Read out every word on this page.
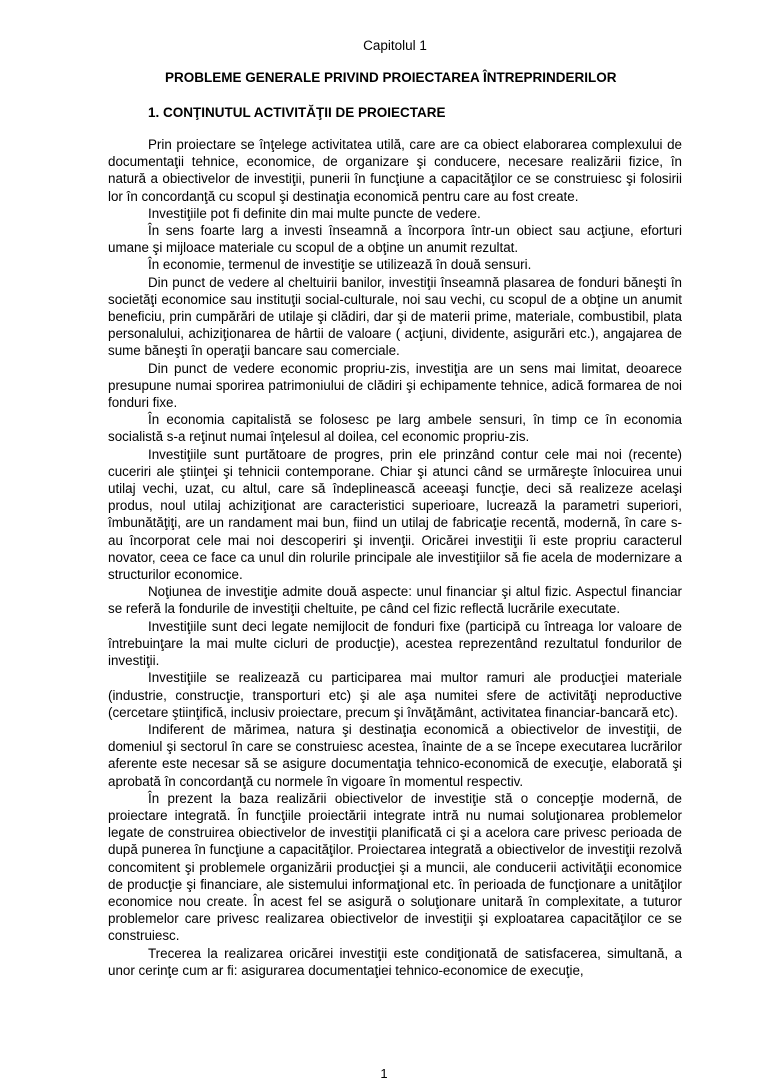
Capitolul 1
PROBLEME GENERALE PRIVIND PROIECTAREA ÎNTREPRINDERILOR
1. CONŢINUTUL ACTIVITĂŢII DE PROIECTARE

Prin proiectare se înţelege activitatea utilă, care are ca obiect elaborarea complexului de documentaţii tehnice, economice, de organizare şi conducere, necesare realizării fizice, în natură a obiectivelor de investiţii, punerii în funcţiune a capacităţilor ce se construiesc şi folosirii lor în concordanţă cu scopul şi destinaţia economică pentru care au fost create.

Investiţiile pot fi definite din mai multe puncte de vedere.

În sens foarte larg a investi înseamnă a încorpora într-un obiect sau acţiune, eforturi umane şi mijloace materiale cu scopul de a obţine un anumit rezultat.

În economie, termenul de investiţie se utilizează în două sensuri.

Din punct de vedere al cheltuirii banilor, investiţii înseamnă plasarea de fonduri băneşti în societăţi economice sau instituţii social-culturale, noi sau vechi, cu scopul de a obţine un anumit beneficiu, prin cumpărări de utilaje şi clădiri, dar şi de materii prime, materiale, combustibil, plata personalului, achiziţionarea de hârtii de valoare ( acţiuni, dividente, asigurări etc.), angajarea de sume băneşti în operaţii bancare sau comerciale.

Din punct de vedere economic propriu-zis, investiţia are un sens mai limitat, deoarece presupune numai sporirea patrimoniului de clădiri şi echipamente tehnice, adică formarea de noi fonduri fixe.

În economia capitalistă se folosesc pe larg ambele sensuri, în timp ce în economia socialistă s-a reţinut numai înţelesul al doilea, cel economic propriu-zis.

Investiţiile sunt purtătoare de progres, prin ele prinzând contur cele mai noi (recente) cuceriri ale ştiinţei şi tehnicii contemporane. Chiar şi atunci când se urmăreşte înlocuirea unui utilaj vechi, uzat, cu altul, care să îndeplinească aceeaşi funcţie, deci să realizeze acelaşi produs, noul utilaj achiziţionat are caracteristici superioare, lucrează la parametri superiori, îmbunătăţiţi, are un randament mai bun, fiind un utilaj de fabricaţie recentă, modernă, în care s-au încorporat cele mai noi descoperiri şi invenţii. Oricărei investiţii îi este propriu caracterul novator, ceea ce face ca unul din rolurile principale ale investiţiilor să fie acela de modernizare a structurilor economice.

Noţiunea de investiţie admite două aspecte: unul financiar şi altul fizic. Aspectul financiar se referă la fondurile de investiţii cheltuite, pe când cel fizic reflectă lucrările executate.

Investiţiile sunt deci legate nemijlocit de fonduri fixe (participă cu întreaga lor valoare de întrebuinţare la mai multe cicluri de producţie), acestea reprezentând rezultatul fondurilor de investiţii.

Investiţiile se realizează cu participarea mai multor ramuri ale producţiei materiale (industrie, construcţie, transporturi etc) şi ale aşa numitei sfere de activităţi neproductive (cercetare ştiinţifică, inclusiv proiectare, precum şi învăţământ, activitatea financiar-bancară etc).

Indiferent de mărimea, natura şi destinaţia economică a obiectivelor de investiţii, de domeniul şi sectorul în care se construiesc acestea, înainte de a se începe executarea lucrărilor aferente este necesar să se asigure documentaţia tehnico-economică de execuţie, elaborată şi aprobată în concordanţă cu normele în vigoare în momentul respectiv.

În prezent la baza realizării obiectivelor de investiţie stă o concepţie modernă, de proiectare integrată. În funcţiile proiectării integrate intră nu numai soluţionarea problemelor legate de construirea obiectivelor de investiţii planificată ci şi a acelora care privesc perioada de după punerea în funcţiune a capacităţilor. Proiectarea integrată a obiectivelor de investiţii rezolvă concomitent şi problemele organizării producţiei şi a muncii, ale conducerii activităţii economice de producţie şi financiare, ale sistemului informaţional etc. în perioada de funcţionare a unităţilor economice nou create. În acest fel se asigură o soluţionare unitară în complexitate, a tuturor problemelor care privesc realizarea obiectivelor de investiţii şi exploatarea capacităţilor ce se construiesc.

Trecerea la realizarea oricărei investiţii este condiţionată de satisfacerea, simultană, a unor cerinţe cum ar fi: asigurarea documentaţiei tehnico-economice de execuţie,

1
